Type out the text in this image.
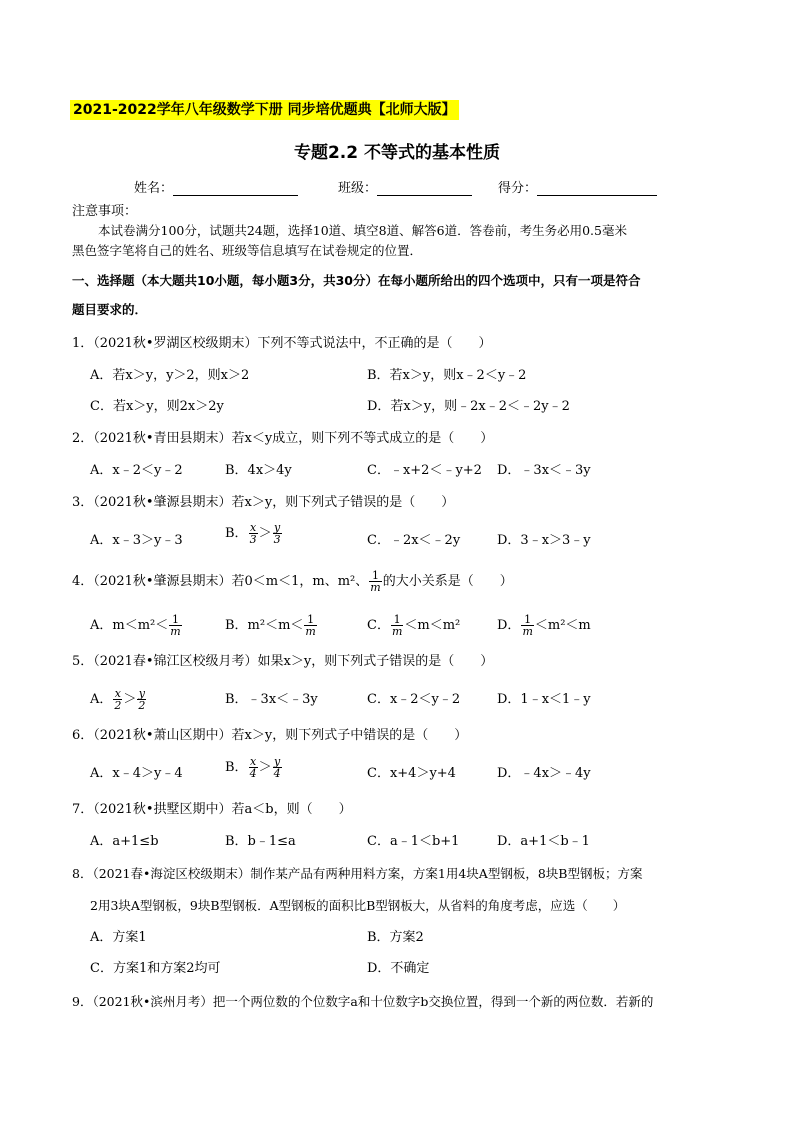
2021-2022学年八年级数学下册 同步培优题典【北师大版】
专题2.2 不等式的基本性质
姓名：	班级：	得分：
注意事项：
本试卷满分100分，试题共24题，选择10道、填空8道、解答6道．答卷前，考生务必用0.5毫米
黑色签字笔将自己的姓名、班级等信息填写在试卷规定的位置．
一、选择题（本大题共10小题，每小题3分，共30分）在每小题所给出的四个选项中，只有一项是符合
题目要求的．
1．（2021秋•罗湖区校级期末）下列不等式说法中，不正确的是（　　）
A．若x＞y，y＞2，则x＞2	B．若x＞y，则x﹣2＜y﹣2
C．若x＞y，则2x＞2y	D．若x＞y，则﹣2x﹣2＜﹣2y﹣2
2．（2021秋•青田县期末）若x＜y成立，则下列不等式成立的是（　　）
A．x﹣2＜y﹣2	B．4x＞4y	C．﹣x+2＜﹣y+2 D．﹣3x＜﹣3y
3．（2021秋•肇源县期末）若x＞y，则下列式子错误的是（　　）
A．x﹣3＞y﹣3	B． $\frac{x}{3} > \frac{y}{3}$	C．﹣2x＜﹣2y	D．3﹣x＞3﹣y
4．（2021秋•肇源县期末）若0＜m＜1，m、m²、 $\frac{1}{m}$ 的大小关系是（　　）
A．$m<m^2< \frac{1}{m}$	B．$m^2<m< \frac{1}{m}$	C． $\frac{1}{m} <m<m^2$	D． $\frac{1}{m} <m^2<m$
5．（2021春•锦江区校级月考）如果x＞y，则下列式子错误的是（　　）
A． $\frac{x}{2} > \frac{y}{2}$	B．﹣3x＜﹣3y	C．x﹣2＜y﹣2	D．1﹣x＜1﹣y
6．（2021秋•萧山区期中）若x＞y，则下列式子中错误的是（　　）
A．x﹣4＞y﹣4	B． $\frac{x}{4} > \frac{y}{4}$	C．x+4＞y+4	D．﹣4x＞﹣4y
7．（2021秋•拱墅区期中）若a＜b，则（　　）
A．a+1≤b	B．b﹣1≤a	C．a﹣1＜b+1	D．a+1＜b﹣1
8．（2021春•海淀区校级期末）制作某产品有两种用料方案，方案1用4块A型钢板，8块B型钢板；方案
2用3块A型钢板，9块B型钢板．A型钢板的面积比B型钢板大，从省料的角度考虑，应选（　　）
A．方案1	B．方案2
C．方案1和方案2均可	D．不确定
9．（2021秋•滨州月考）把一个两位数的个位数字a和十位数字b交换位置，得到一个新的两位数．若新的
